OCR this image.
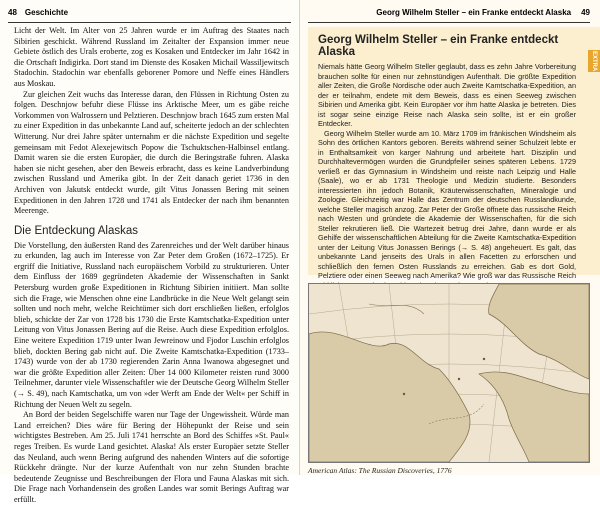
48 Geschichte

Licht der Welt. Im Alter von 25 Jahren wurde er im Auftrag des Staates nach Sibirien geschickt. Während Russland im Zeitalter der Expansion immer neue Gebiete östlich des Urals eroberte, zog es Kosaken und Entdecker im Jahr 1642 in die Ortschaft Indigirka. Dort stand im Dienste des Kosaken Michail Wassiljewitsch Stadochin. Stadochin war ebenfalls geborener Pomore und Neffe eines Händlers aus Moskau.

Zur gleichen Zeit wuchs das Interesse daran, den Flüssen in Richtung Osten zu folgen. Deschnjow befuhr diese Flüsse ins Arktische Meer, um es gäbe reiche Vorkommen von Walrossern und Pelztieren. Deschnjow brach 1645 zum ersten Mal zu einer Expedition in das unbekannte Land auf, scheiterte jedoch an der schlechten Witterung. Nur drei Jahre später unternahm er die nächste Expedition und segelte gemeinsam mit Fedot Alexejewitsch Popow die Tschuktschen-Halbinsel entlang. Damit waren sie die ersten Europäer, die durch die Beringstraße fuhren. Alaska haben sie nicht gesehen, aber den Beweis erbracht, dass es keine Landverbindung zwischen Russland und Amerika gibt. In der Zeit danach geriet 1736 in den Archiven von Jakutsk entdeckt wurde, gilt Vitus Jonassen Bering mit seinen Expeditionen in den Jahren 1728 und 1741 als Entdecker der nach ihm benannten Meerenge.

Die Entdeckung Alaskas

Die Vorstellung, den äußersten Rand des Zarenreiches und der Welt darüber hinaus zu erkunden, lag auch im Interesse von Zar Peter dem Großen (1672–1725). Er ergriff die Initiative, Russland nach europäischem Vorbild zu strukturieren. Unter dem Einfluss der 1689 gegründeten Akademie der Wissenschaften in Sankt Petersburg wurden große Expeditionen in Richtung Sibirien initiiert. Man sollte sich die Frage, wie Menschen ohne eine Landbrücke in die Neue Welt gelangt sein sollten und noch mehr, welche Reichtümer sich dort erschließen ließen, erfolglos blieb, schickte der Zar von 1728 bis 1730 die Erste Kamtschatka-Expedition unter Leitung von Vitus Jonassen Bering auf die Reise. Auch diese Expedition erfolglos. Eine weitere Expedition 1719 unter Iwan Jewreinow und Fjodor Luschin erfolglos blieb, dockten Bering gab nicht auf. Die Zweite Kamtschatka-Expedition (1733–1743) wurde von der ab 1730 regierenden Zarin Anna Iwanowa abgesegnet und war die größte Expedition aller Zeiten: Über 14 000 Kilometer reisten rund 3000 Teilnehmer, darunter viele Wissenschaftler wie der Deutsche Georg Wilhelm Steller (→ S. 49), nach Kamtschatka, um von »der Werft am Ende der Welt« per Schiff in Richtung der Neuen Welt zu segeln.

An Bord der beiden Segelschiffe waren nur Tage der Ungewissheit. Würde man Land erreichen? Dies wäre für Bering der Höhepunkt der Reise und sein wichtigstes Bestreben. Am 25. Juli 1741 herrschte an Bord des Schiffes »St. Paul« reges Treiben. Es wurde Land gesichtet. Alaska! Als erster Europäer setzte Steller das Neuland, auch wenn Bering aufgrund des nahenden Winters auf die sofortige Rückkehr drängte. Nur der kurze Aufenthalt von nur zehn Stunden brachte bedeutende Zeugnisse und Beschreibungen der Flora und Fauna Alaskas mit sich. Die Frage nach Vorhandensein des großen Landes war somit Berings Auftrag war erfüllt.

Georg Wilhelm Steller – ein Franke entdeckt Alaska 49
EXTRA
Georg Wilhelm Steller – ein Franke entdeckt Alaska

Niemals hätte Georg Wilhelm Steller geglaubt, dass es zehn Jahre Vorbereitung brauchen sollte für einen nur zehnstündigen Aufenthalt. Die größte Expedition aller Zeiten, die Große Nordische oder auch Zweite Kamtschatka-Expedition, an der er teilnahm, endete mit dem Beweis, dass es einen Seeweg zwischen Sibirien und Amerika gibt. Kein Europäer vor ihm hatte Alaska je betreten. Dies ist sogar seine einzige Reise nach Alaska sein sollte, ist er ein großer Entdecker.

Georg Wilhelm Steller wurde am 10. März 1709 im fränkischen Windsheim als Sohn des örtlichen Kantors geboren. Bereits während seiner Schulzeit lebte er in Enthaltsamkeit von karger Nahrung und arbeitete hart. Disziplin und Durchhaltevermögen wurden die Grundpfeiler seines späteren Lebens. 1729 verließ er das Gymnasium in Windsheim und reiste nach Leipzig und Halle (Saale), wo er ab 1731 Theologie und Medizin studierte. Besonders interessierten ihn jedoch Botanik, Kräuterwissenschaften, Mineralogie und Zoologie. Gleichzeitig war Halle das Zentrum der deutschen Russlandkunde, welche Steller magisch anzog. Zar Peter der Große öffnete das russische Reich nach Westen und gründete die Akademie der Wissenschaften, für die sich Steller rekrutieren ließ. Die Wartezeit betrug drei Jahre, dann wurde er als Gehilfe der wissenschaftlichen Abteilung für die Zweite Kamtschatka-Expedition unter der Leitung Vitus Jonassen Berings (→ S. 48) angeheuert. Es galt, das unbekannte Land jenseits des Urals in allen Facetten zu erforschen und schließlich den fernen Osten Russlands zu erreichen. Gab es dort Gold, Pelztiere oder einen Seeweg nach Amerika? Wie groß war das Russische Reich

American Atlas: The Russian Discoveries, 1776
